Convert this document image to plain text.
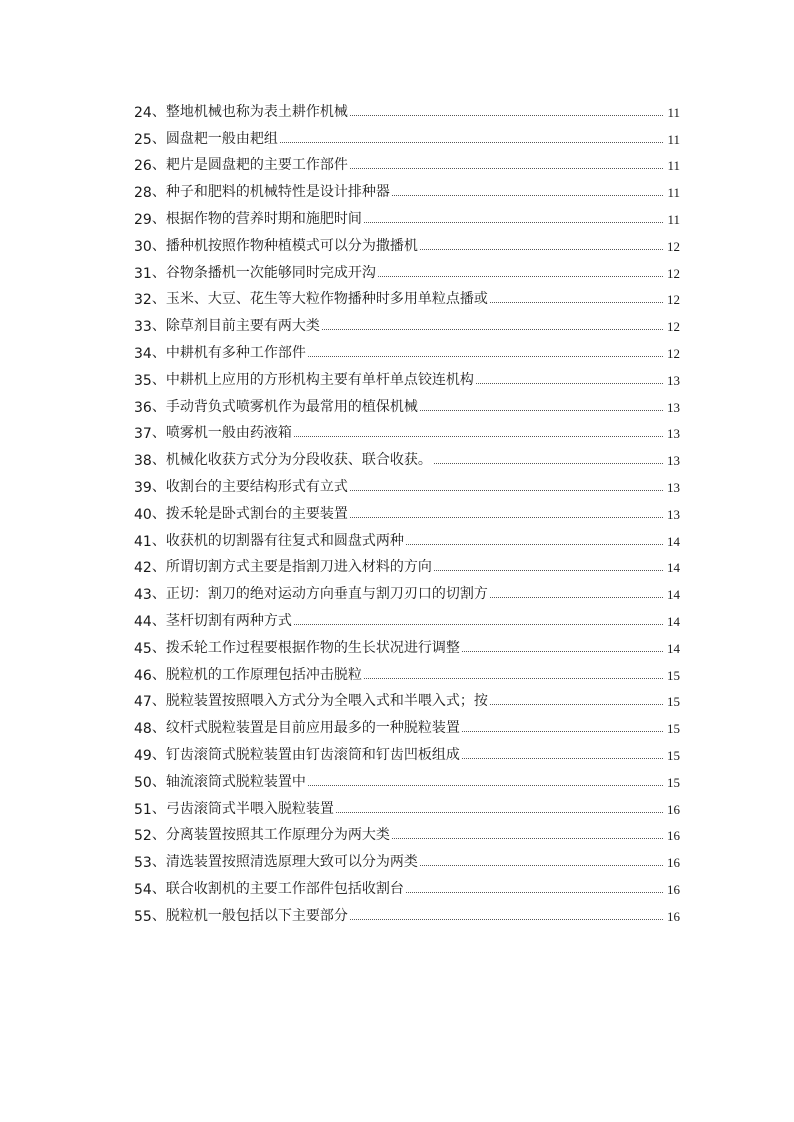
24 、 整地机械也称为表土耕作机械	11
25 、 圆盘耙一般由耙组	11
26 、 耙片是圆盘耙的主要工作部件	11
28 、 种子和肥料的机械特性是设计排种器	11
29 、 根据作物的营养时期和施肥时间	11
30 、 播种机按照作物种植模式可以分为撒播机	12
31 、 谷物条播机一次能够同时完成开沟	12
32 、 玉米、大豆、花生等大粒作物播种时多用单粒点播或	12
33 、 除草剂目前主要有两大类	12
34 、 中耕机有多种工作部件	12
35 、 中耕机上应用的方形机构主要有单杆单点铰连机构	13
36 、 手动背负式喷雾机作为最常用的植保机械	13
37 、 喷雾机一般由药液箱	13
38 、 机械化收获方式分为分段收获、联合收获。	13
39 、 收割台的主要结构形式有立式	13
40 、 拨禾轮是卧式割台的主要装置	13
41 、 收获机的切割器有往复式和圆盘式两种	14
42 、 所谓切割方式主要是指割刀进入材料的方向	14
43 、 正切：割刀的绝对运动方向垂直与割刀刃口的切割方	14
44 、 茎杆切割有两种方式	14
45 、 拨禾轮工作过程要根据作物的生长状况进行调整	14
46 、 脱粒机的工作原理包括冲击脱粒	15
47 、 脱粒装置按照喂入方式分为全喂入式和半喂入式；按	15
48 、 纹杆式脱粒装置是目前应用最多的一种脱粒装置	15
49 、 钉齿滚筒式脱粒装置由钉齿滚筒和钉齿凹板组成	15
50 、 轴流滚筒式脱粒装置中	15
51 、 弓齿滚筒式半喂入脱粒装置	16
52 、 分离装置按照其工作原理分为两大类	16
53 、 清选装置按照清选原理大致可以分为两类	16
54 、 联合收割机的主要工作部件包括收割台	16
55 、 脱粒机一般包括以下主要部分	16
